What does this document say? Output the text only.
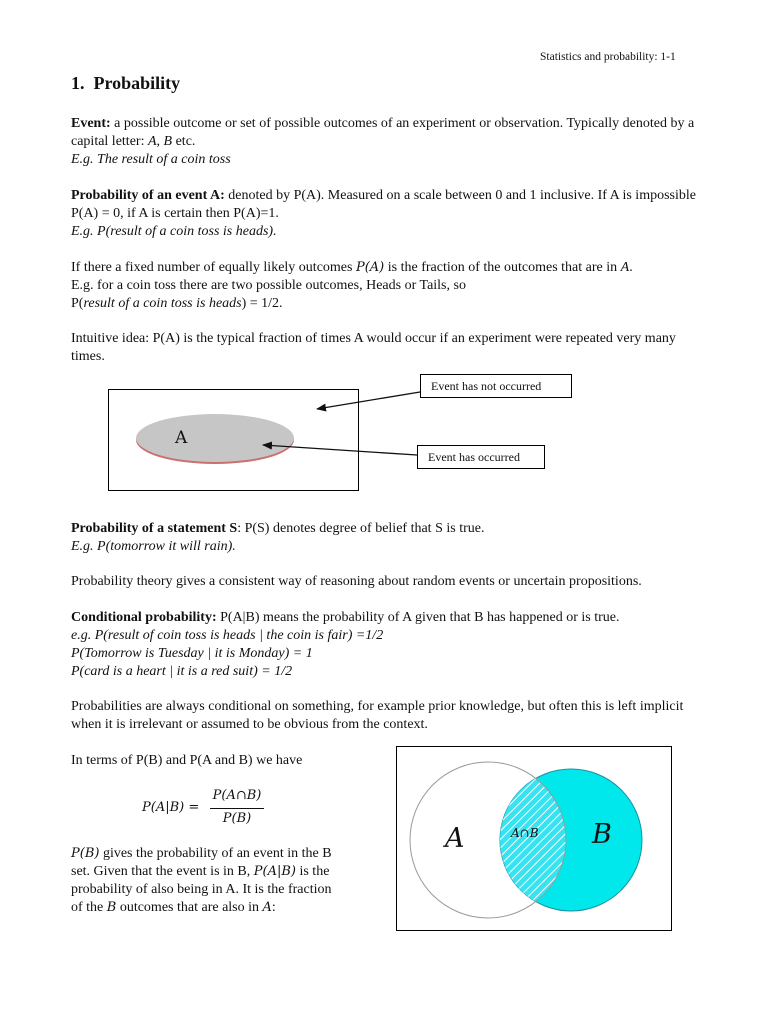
Statistics and probability: 1-1
1. Probability

Event: a possible outcome or set of possible outcomes of an experiment or observation. Typically denoted by a capital letter: A, B etc.

E.g. The result of a coin toss

Probability of an event A: denoted by P(A). Measured on a scale between 0 and 1 inclusive. If A is impossible P(A) = 0, if A is certain then P(A)=1.

E.g. P(result of a coin toss is heads).

If there a fixed number of equally likely outcomes P(A) is the fraction of the outcomes that are in A.

E.g. for a coin toss there are two possible outcomes, Heads or Tails, so

P(result of a coin toss is heads) = 1/2.

Intuitive idea: P(A) is the typical fraction of times A would occur if an experiment were repeated very many times.

A
Event has not occurred
Event has occurred

Probability of a statement S: P(S) denotes degree of belief that S is true.

E.g. P(tomorrow it will rain).

Probability theory gives a consistent way of reasoning about random events or uncertain propositions.

Conditional probability: P(A|B) means the probability of A given that B has happened or is true.

e.g. P(result of coin toss is heads | the coin is fair) =1/2

P(Tomorrow is Tuesday | it is Monday) = 1

P(card is a heart | it is a red suit) = 1/2

Probabilities are always conditional on something, for example prior knowledge, but often this is left implicit when it is irrelevant or assumed to be obvious from the context.

In terms of P(B) and P(A and B) we have
P(A|B) =
P(A∩B)
P(B)

P(B) gives the probability of an event in the B set. Given that the event is in B, P(A|B) is the probability of also being in A. It is the fraction of the B outcomes that are also in A:

A	B
A∩B
